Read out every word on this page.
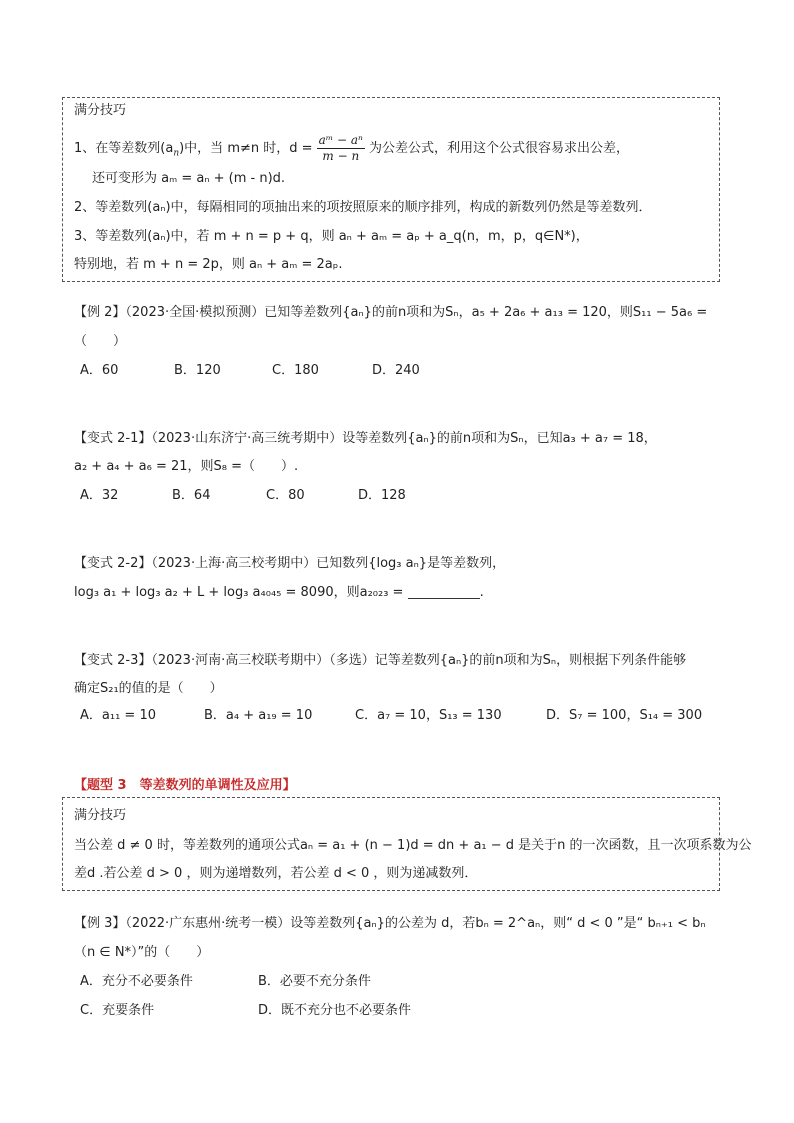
满分技巧
1、在等差数列$(a_n)$中，当 m≠n 时，$d = \frac{\text{aᵐ − aⁿ}}{m - n}$ 为公差公式，利用这个公式很容易求出公差，
还可变形为 aₘ = aₙ + (m - n)d.
2、等差数列(aₙ)中，每隔相同的项抽出来的项按照原来的顺序排列，构成的新数列仍然是等差数列．
3、等差数列(aₙ)中，若 m + n = p + q，则 aₙ + aₘ = aₚ + a_q(n，m，p，q∈N*)，
特别地，若 m + n = 2p，则 aₙ + aₘ = 2aₚ.
【例 2】（2023·全国·模拟预测）已知等差数列{aₙ}的前n项和为Sₙ，a₅ + 2a₆ + a₁₃ = 120，则S₁₁ − 5a₆ =
（　　）
A．60	B．120	C．180	D．240
【变式 2-1】（2023·山东济宁·高三统考期中）设等差数列{aₙ}的前n项和为Sₙ，已知a₃ + a₇ = 18，
a₂ + a₄ + a₆ = 21，则S₈ =（　　）.
A．32	B．64	C．80	D．128
【变式 2-2】（2023·上海·高三校考期中）已知数列{log₃ aₙ}是等差数列，
log₃ a₁ + log₃ a₂ + L + log₃ a₄₀₄₅ = 8090，则a₂₀₂₃ =	.
【变式 2-3】（2023·河南·高三校联考期中）（多选）记等差数列{aₙ}的前n项和为Sₙ，则根据下列条件能够
确定S₂₁的值的是（　　）
A．a₁₁ = 10	B．a₄ + a₁₉ = 10	C．a₇ = 10，S₁₃ = 130	D．S₇ = 100，S₁₄ = 300
【题型 3　等差数列的单调性及应用】
满分技巧
当公差 d ≠ 0 时，等差数列的通项公式aₙ = a₁ + (n − 1)d = dn + a₁ − d 是关于n 的一次函数，且一次项系数为公
差d .若公差 d > 0 ，则为递增数列，若公差 d < 0 ，则为递减数列．
【例 3】（2022·广东惠州·统考一模）设等差数列{aₙ}的公差为 d，若bₙ = 2^aₙ，则“ d < 0 ”是“ bₙ₊₁ < bₙ
（n ∈ N*）”的（　　）
A．充分不必要条件	B．必要不充分条件
C．充要条件	D．既不充分也不必要条件
